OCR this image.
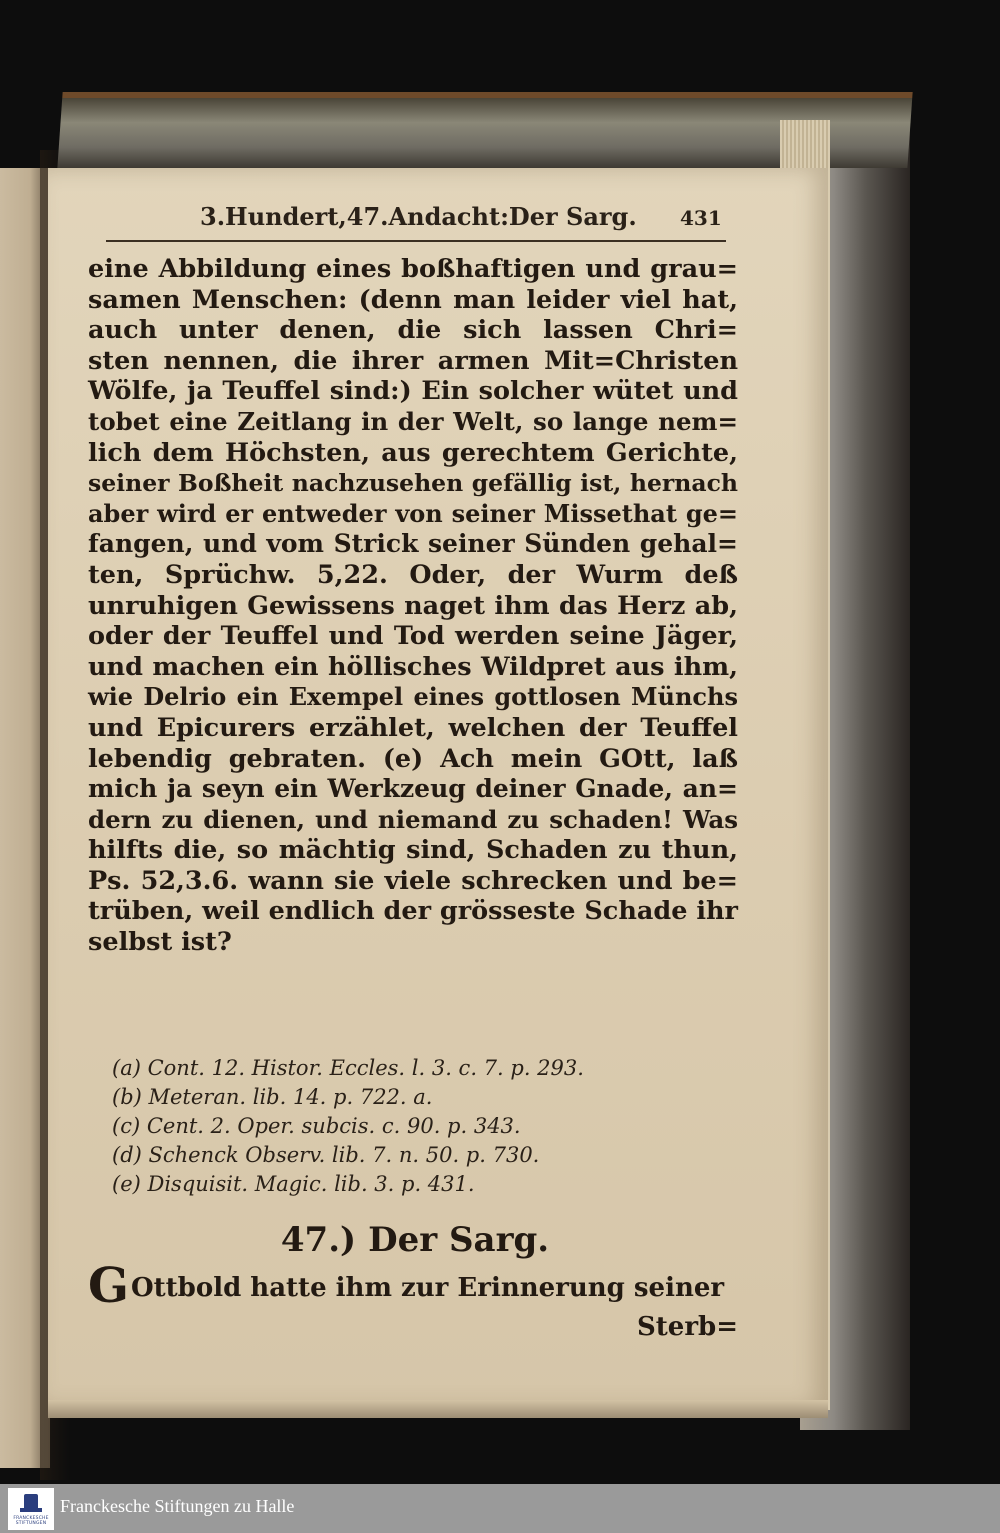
3.Hundert,47.Andacht:Der Sarg. 431
eine Abbildung eines boßhaftigen und grau=
samen Menschen: (denn man leider viel hat,
auch unter denen, die sich lassen Chri=
sten nennen, die ihrer armen Mit=Christen
Wölfe, ja Teuffel sind:) Ein solcher wütet und
tobet eine Zeitlang in der Welt, so lange nem=
lich dem Höchsten, aus gerechtem Gerichte,
seiner Boßheit nachzusehen gefällig ist, hernach
aber wird er entweder von seiner Missethat ge=
fangen, und vom Strick seiner Sünden gehal=
ten, Sprüchw. 5,22. Oder, der Wurm deß
unruhigen Gewissens naget ihm das Herz ab,
oder der Teuffel und Tod werden seine Jäger,
und machen ein höllisches Wildpret aus ihm,
wie Delrio ein Exempel eines gottlosen Münchs
und Epicurers erzählet, welchen der Teuffel
lebendig gebraten. (e) Ach mein GOtt, laß
mich ja seyn ein Werkzeug deiner Gnade, an=
dern zu dienen, und niemand zu schaden! Was
hilfts die, so mächtig sind, Schaden zu thun,
Ps. 52,3.6. wann sie viele schrecken und be=
trüben, weil endlich der grösseste Schade ihr
selbst ist?
(a) Cont. 12. Histor. Eccles. l. 3. c. 7. p. 293.
(b) Meteran. lib. 14. p. 722. a.
(c) Cent. 2. Oper. subcis. c. 90. p. 343.
(d) Schenck Observ. lib. 7. n. 50. p. 730.
(e) Disquisit. Magic. lib. 3. p. 431.
47.) Der Sarg.
GOttbold hatte ihm zur Erinnerung seiner
Sterb=
FRANCKESCHE STIFTUNGEN
Franckesche Stiftungen zu Halle
